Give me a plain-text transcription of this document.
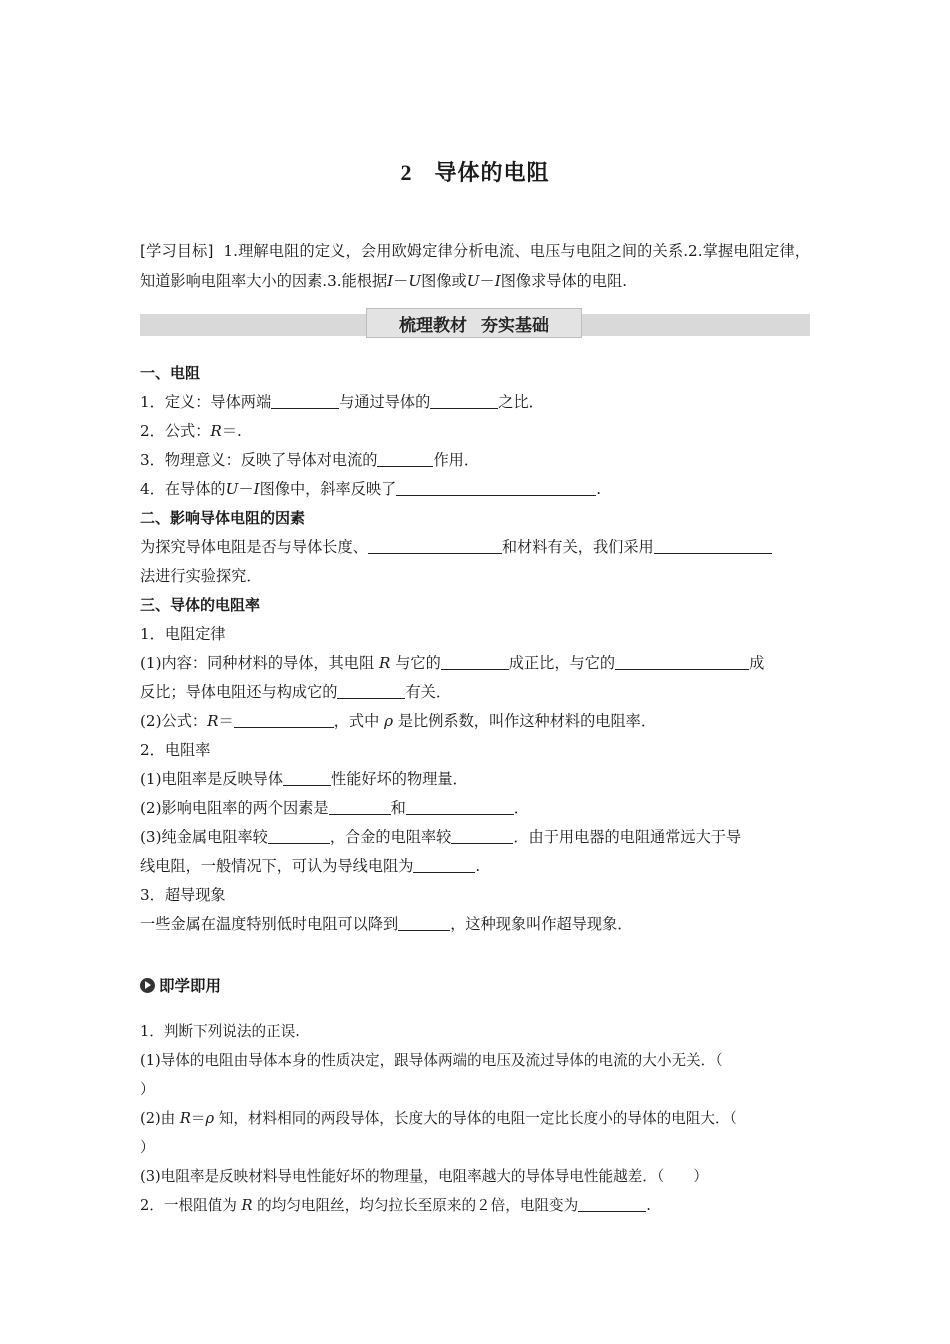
2 导体的电阻
[学习目标] 1.理解电阻的定义，会用欧姆定律分析电流、电压与电阻之间的关系.2.掌握电阻定律，知道影响电阻率大小的因素.3.能根据I－U图像或U－I图像求导体的电阻.
梳理教材 夯实基础
一、电阻
1．定义：导体两端	与通过导体的	之比．
2．公式：R＝.
3．物理意义：反映了导体对电流的	作用．
4．在导体的U－I图像中，斜率反映了	.
二、影响导体电阻的因素
为探究导体电阻是否与导体长度、	和材料有关，我们采用
法进行实验探究．
三、导体的电阻率
1．电阻定律
(1)内容：同种材料的导体，其电阻 R 与它的	成正比，与它的	成
反比；导体电阻还与构成它的	有关．
(2)公式：R＝	，式中 ρ 是比例系数，叫作这种材料的电阻率．
2．电阻率
(1)电阻率是反映导体	性能好坏的物理量．
(2)影响电阻率的两个因素是	和	．
(3)纯金属电阻率较	，合金的电阻率较	．由于用电器的电阻通常远大于导
线电阻，一般情况下，可认为导线电阻为	.
3．超导现象
一些金属在温度特别低时电阻可以降到	，这种现象叫作超导现象．
即学即用
1．判断下列说法的正误.
(1)导体的电阻由导体本身的性质决定，跟导体两端的电压及流过导体的电流的大小无关．（
）
(2)由 R＝ρ 知，材料相同的两段导体，长度大的导体的电阻一定比长度小的导体的电阻大．（
）
(3)电阻率是反映材料导电性能好坏的物理量，电阻率越大的导体导电性能越差．（　　）
2．一根阻值为 R 的均匀电阻丝，均匀拉长至原来的２倍，电阻变为	.
